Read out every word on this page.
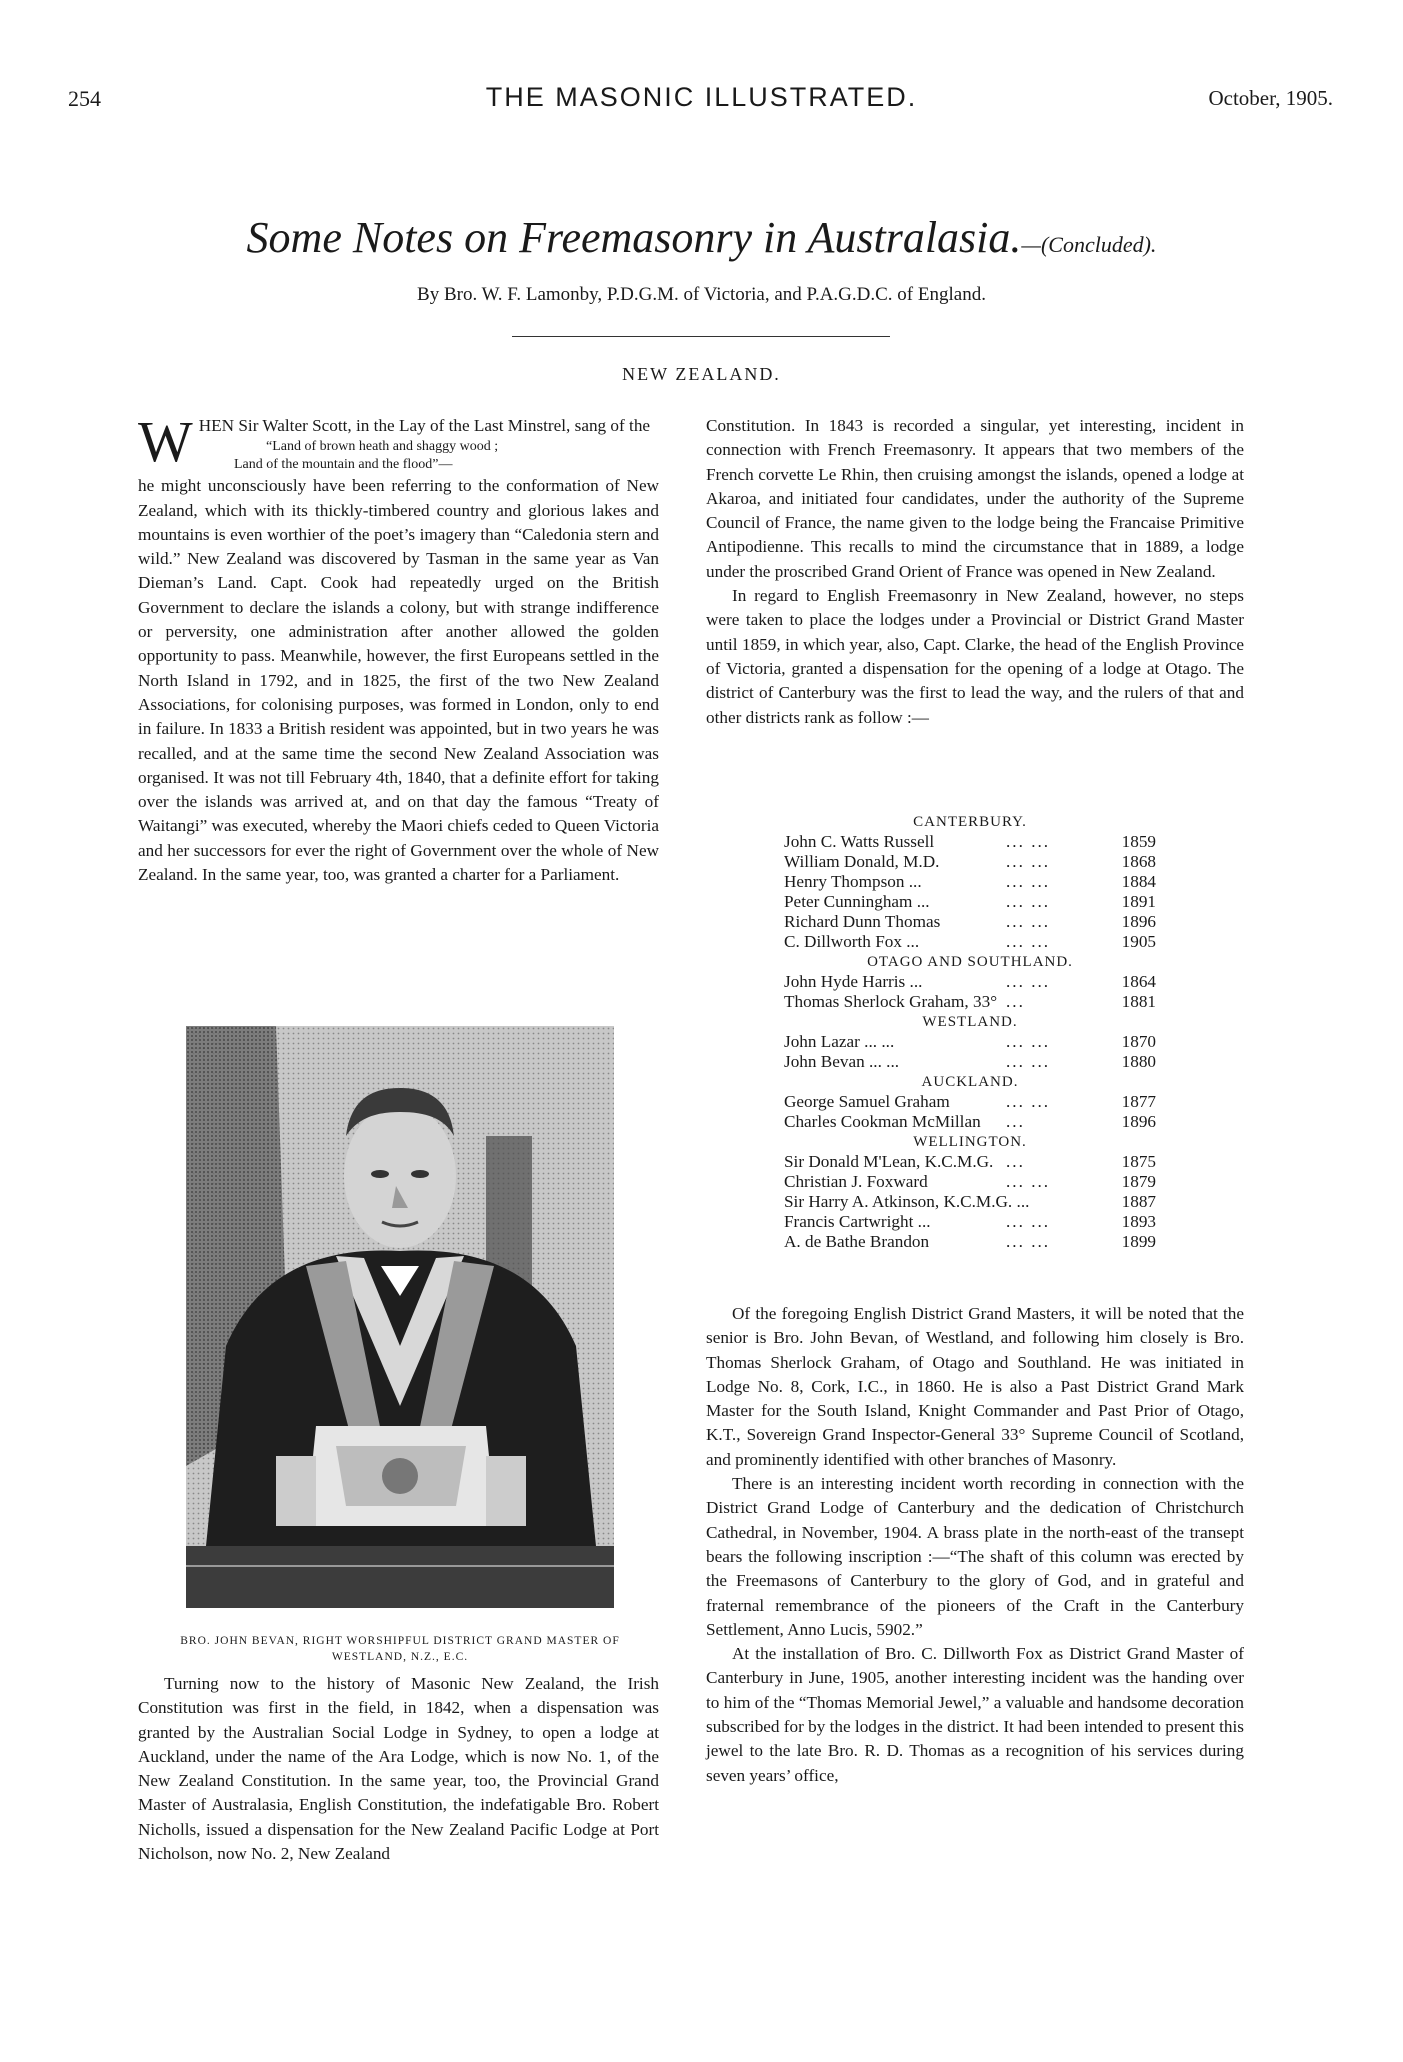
254	THE MASONIC ILLUSTRATED.	October, 1905.
Some Notes on Freemasonry in Australasia.—(Concluded).
By Bro. W. F. Lamonby, P.D.G.M. of Victoria, and P.A.G.D.C. of England.
NEW ZEALAND.

WHEN Sir Walter Scott, in the Lay of the Last Minstrel, sang of the

“Land of brown heath and shaggy wood ;
Land of the mountain and the flood”—

he might unconsciously have been referring to the conformation of New Zealand, which with its thickly-timbered country and glorious lakes and mountains is even worthier of the poet’s imagery than “Caledonia stern and wild.” New Zealand was discovered by Tasman in the same year as Van Dieman’s Land. Capt. Cook had repeatedly urged on the British Government to declare the islands a colony, but with strange indifference or perversity, one administration after another allowed the golden opportunity to pass. Meanwhile, however, the first Europeans settled in the North Island in 1792, and in 1825, the first of the two New Zealand Associations, for colonising purposes, was formed in London, only to end in failure. In 1833 a British resident was appointed, but in two years he was recalled, and at the same time the second New Zealand Association was organised. It was not till February 4th, 1840, that a definite effort for taking over the islands was arrived at, and on that day the famous “Treaty of Waitangi” was executed, whereby the Maori chiefs ceded to Queen Victoria and her successors for ever the right of Government over the whole of New Zealand. In the same year, too, was granted a charter for a Parliament.

BRO. JOHN BEVAN, RIGHT WORSHIPFUL DISTRICT GRAND MASTER OF WESTLAND, N.Z., E.C.

Turning now to the history of Masonic New Zealand, the Irish Constitution was first in the field, in 1842, when a dispensation was granted by the Australian Social Lodge in Sydney, to open a lodge at Auckland, under the name of the Ara Lodge, which is now No. 1, of the New Zealand Constitution. In the same year, too, the Provincial Grand Master of Australasia, English Constitution, the indefatigable Bro. Robert Nicholls, issued a dispensation for the New Zealand Pacific Lodge at Port Nicholson, now No. 2, New Zealand

Constitution. In 1843 is recorded a singular, yet interesting, incident in connection with French Freemasonry. It appears that two members of the French corvette Le Rhin, then cruising amongst the islands, opened a lodge at Akaroa, and initiated four candidates, under the authority of the Supreme Council of France, the name given to the lodge being the Francaise Primitive Antipodienne. This recalls to mind the circumstance that in 1889, a lodge under the proscribed Grand Orient of France was opened in New Zealand.

In regard to English Freemasonry in New Zealand, however, no steps were taken to place the lodges under a Provincial or District Grand Master until 1859, in which year, also, Capt. Clarke, the head of the English Province of Victoria, granted a dispensation for the opening of a lodge at Otago. The district of Canterbury was the first to lead the way, and the rulers of that and other districts rank as follow :—

CANTERBURY.
John C. Watts Russell	... ...	1859
William Donald, M.D.	... ...	1868
Henry Thompson ...	... ...	1884
Peter Cunningham ...	... ...	1891
Richard Dunn Thomas	... ...	1896
C. Dillworth Fox ...	... ...	1905
OTAGO AND SOUTHLAND.
John Hyde Harris ...	... ...	1864
Thomas Sherlock Graham, 33° ...	1881
WESTLAND.
John Lazar ... ...	... ...	1870
John Bevan ... ...	... ...	1880
AUCKLAND.
George Samuel Graham	... ...	1877
Charles Cookman McMillan ...	1896
WELLINGTON.
Sir Donald M'Lean, K.C.M.G. ...	1875
Christian J. Foxward	... ...	1879
Sir Harry A. Atkinson, K.C.M.G. ...	1887
Francis Cartwright ...	... ...	1893
A. de Bathe Brandon	... ...	1899

Of the foregoing English District Grand Masters, it will be noted that the senior is Bro. John Bevan, of Westland, and following him closely is Bro. Thomas Sherlock Graham, of Otago and Southland. He was initiated in Lodge No. 8, Cork, I.C., in 1860. He is also a Past District Grand Mark Master for the South Island, Knight Commander and Past Prior of Otago, K.T., Sovereign Grand Inspector-General 33° Supreme Council of Scotland, and prominently identified with other branches of Masonry.

There is an interesting incident worth recording in connection with the District Grand Lodge of Canterbury and the dedication of Christchurch Cathedral, in November, 1904. A brass plate in the north-east of the transept bears the following inscription :—“The shaft of this column was erected by the Freemasons of Canterbury to the glory of God, and in grateful and fraternal remembrance of the pioneers of the Craft in the Canterbury Settlement, Anno Lucis, 5902.”

At the installation of Bro. C. Dillworth Fox as District Grand Master of Canterbury in June, 1905, another interesting incident was the handing over to him of the “Thomas Memorial Jewel,” a valuable and handsome decoration subscribed for by the lodges in the district. It had been intended to present this jewel to the late Bro. R. D. Thomas as a recognition of his services during seven years’ office,
